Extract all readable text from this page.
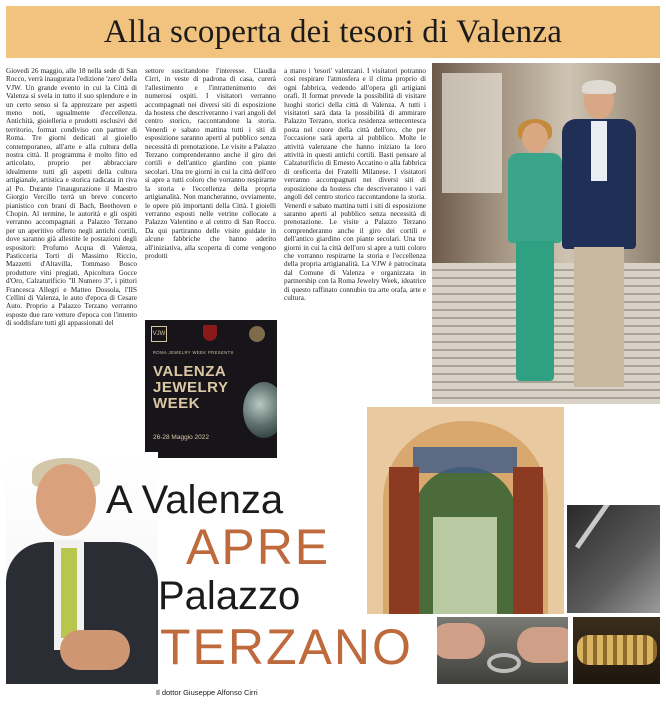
Alla scoperta dei tesori di Valenza

Giovedì 26 maggio, alle 18 nella sede di San Rocco, verrà inaugurata l'edizione 'zero' della VJW. Un grande evento in cui la Città di Valenza si svela in tutto il suo splendore e in un certo senso si fa apprezzare per aspetti meno noti, ugualmente d'eccellenza. Antichità, gioielleria e prodotti esclusivi del territorio, format condiviso con partner di Roma. Tre giorni dedicati al gioiello contemporaneo, all'arte e alla cultura della nostra città. Il programma è molto fitto ed articolato, proprio per abbracciare idealmente tutti gli aspetti della cultura artigianale, artistica e storica radicata in riva al Po. Durante l'inaugurazione il Maestro Giorgio Vercillo terrà un breve concerto pianistico con brani di Bach, Beethoven e Chopin. Al termine, le autorità e gli ospiti verranno accompagnati a Palazzo Terzano per un aperitivo offerto negli antichi cortili, dove saranno già allestite le postazioni degli espositori: Profumo Acqua di Valenza, Pasticceria Torti di Massimo Riccio, Mazzetti d'Altavilla, Tommaso Bosco produttore vini pregiati, Apicoltura Gocce d'Oro, Calzaturificio "Il Numero 3", i pittori Francesca Allegri e Matteo Dossola, l'IIS Cellini di Valenza, le auto d'epoca di Cesare Auto. Proprio a Palazzo Terzano verranno esposte due rare vetture d'epoca con l'intento di soddisfare tutti gli appassionati del

settore suscitandone l'interesse. Claudia Cirri, in veste di padrona di casa, curerà l'allestimento e l'intrattenimento dei numerosi ospiti. I visitatori verranno accompagnati nei diversi siti di esposizione da hostess che descriveranno i vari angoli del centro storico, raccontandone la storia. Venerdì e sabato mattina tutti i siti di esposizione saranno aperti al pubblico senza necessità di prenotazione. Le visite a Palazzo Terzano comprenderanno anche il giro dei cortili e dell'antico giardino con piante secolari. Una tre giorni in cui la città dell'oro si apre a tutti coloro che vorranno respirarne la storia e l'eccellenza della propria artigianalità. Non mancheranno, ovviamente, le opere più importanti della Città. I gioielli verranno esposti nelle vetrine collocate a Palazzo Valentino e al centro di San Rocco. Da qui partiranno delle visite guidate in alcune fabbriche che hanno aderito all'iniziativa, alla scoperta di come vengono prodotti

a mano i 'tesori' valenzani. I visitatori potranno così respirare l'atmosfera e il clima proprio di ogni fabbrica, vedendo all'opera gli artigiani orafi. Il format prevede la possibilità di visitare luoghi storici della città di Valenza. A tutti i visitatori sarà data la possibilità di ammirare Palazzo Terzano, storica residenza settecentesca posta nel cuore della città dell'oro, che per l'occasione sarà aperta al pubblico. Molte le attività valenzane che hanno iniziato la loro attività in questi antichi cortili. Basti pensare al Calzaturificio di Ernesto Accatino o alla fabbrica di oreficeria dei Fratelli Milanese. I visitatori verranno accompagnati nei diversi siti di esposizione da hostess che descriveranno i vari angoli del centro storico raccontandone la storia. Venerdì e sabato mattina tutti i siti di esposizione saranno aperti al pubblico senza necessità di prenotazione. Le visite a Palazzo Terzano comprenderanno anche il giro dei cortili e dell'antico giardino con piante secolari. Una tre giorni in cui la città dell'oro si apre a tutti coloro che vorranno respirarne la storia e l'eccellenza della propria artigianalità. La VJW è patrocinata dal Comune di Valenza e organizzata in partnership con la Roma Jewelry Week, ideatrice di questo raffinato connubio tra arte orafa, arte e cultura.

VJW
ROMA JEWELRY WEEK PRESENTS
VALENZA
JEWELRY
WEEK
26-28 Maggio 2022
A Valenza
APRE
Palazzo
TERZANO
Il dottor Giuseppe Alfonso Cirri
